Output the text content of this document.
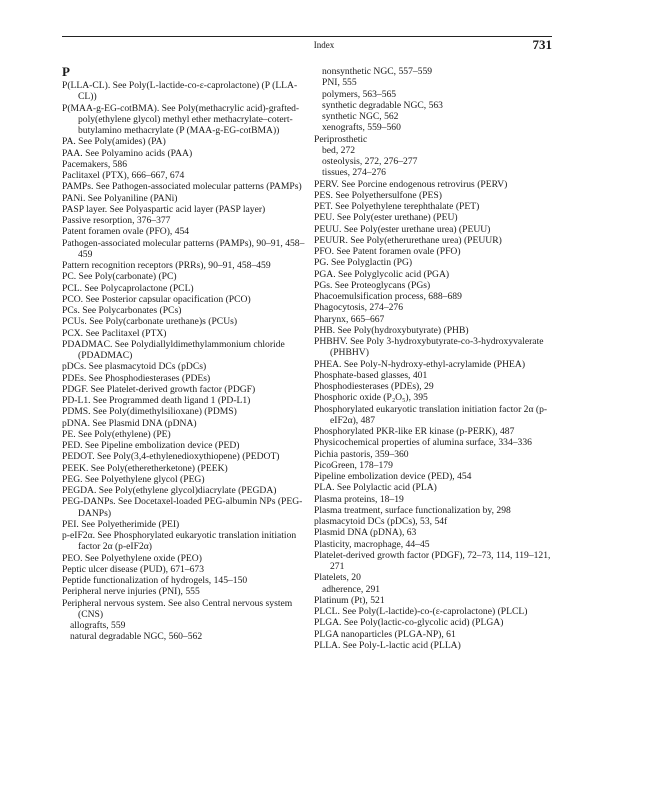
Index	731
P
P(LLA-CL). See Poly(L-lactide-co-ε-caprolactone) (P (LLA-CL))
P(MAA-g-EG-cotBMA). See Poly(methacrylic acid)-grafted-poly(ethylene glycol) methyl ether methacrylate–cotert-butylamino methacrylate (P (MAA-g-EG-cotBMA))
PA. See Poly(amides) (PA)
PAA. See Polyamino acids (PAA)
Pacemakers, 586
Paclitaxel (PTX), 666–667, 674
PAMPs. See Pathogen-associated molecular patterns (PAMPs)
PANi. See Polyaniline (PANi)
PASP layer. See Polyaspartic acid layer (PASP layer)
Passive resorption, 376–377
Patent foramen ovale (PFO), 454
Pathogen-associated molecular patterns (PAMPs), 90–91, 458–459
Pattern recognition receptors (PRRs), 90–91, 458–459
PC. See Poly(carbonate) (PC)
PCL. See Polycaprolactone (PCL)
PCO. See Posterior capsular opacification (PCO)
PCs. See Polycarbonates (PCs)
PCUs. See Poly(carbonate urethane)s (PCUs)
PCX. See Paclitaxel (PTX)
PDADMAC. See Polydiallyldimethylammonium chloride (PDADMAC)
pDCs. See plasmacytoid DCs (pDCs)
PDEs. See Phosphodiesterases (PDEs)
PDGF. See Platelet-derived growth factor (PDGF)
PD-L1. See Programmed death ligand 1 (PD-L1)
PDMS. See Poly(dimethylsilioxane) (PDMS)
pDNA. See Plasmid DNA (pDNA)
PE. See Poly(ethylene) (PE)
PED. See Pipeline embolization device (PED)
PEDOT. See Poly(3,4-ethylenedioxythiopene) (PEDOT)
PEEK. See Poly(etheretherketone) (PEEK)
PEG. See Polyethylene glycol (PEG)
PEGDA. See Poly(ethylene glycol)diacrylate (PEGDA)
PEG-DANPs. See Docetaxel-loaded PEG-albumin NPs (PEG-DANPs)
PEI. See Polyetherimide (PEI)
p-eIF2α. See Phosphorylated eukaryotic translation initiation factor 2α (p-eIF2α)
PEO. See Polyethylene oxide (PEO)
Peptic ulcer disease (PUD), 671–673
Peptide functionalization of hydrogels, 145–150
Peripheral nerve injuries (PNI), 555
Peripheral nervous system. See also Central nervous system (CNS)
allografts, 559
natural degradable NGC, 560–562
nonsynthetic NGC, 557–559
PNI, 555
polymers, 563–565
synthetic degradable NGC, 563
synthetic NGC, 562
xenografts, 559–560
Periprosthetic
bed, 272
osteolysis, 272, 276–277
tissues, 274–276
PERV. See Porcine endogenous retrovirus (PERV)
PES. See Polyethersulfone (PES)
PET. See Polyethylene terephthalate (PET)
PEU. See Poly(ester urethane) (PEU)
PEUU. See Poly(ester urethane urea) (PEUU)
PEUUR. See Poly(etherurethane urea) (PEUUR)
PFO. See Patent foramen ovale (PFO)
PG. See Polyglactin (PG)
PGA. See Polyglycolic acid (PGA)
PGs. See Proteoglycans (PGs)
Phacoemulsification process, 688–689
Phagocytosis, 274–276
Pharynx, 665–667
PHB. See Poly(hydroxybutyrate) (PHB)
PHBHV. See Poly 3-hydroxybutyrate-co-3-hydroxyvalerate (PHBHV)
PHEA. See Poly-N-hydroxy-ethyl-acrylamide (PHEA)
Phosphate-based glasses, 401
Phosphodiesterases (PDEs), 29
Phosphoric oxide (P₂O₅), 395
Phosphorylated eukaryotic translation initiation factor 2α (p-eIF2α), 487
Phosphorylated PKR-like ER kinase (p-PERK), 487
Physicochemical properties of alumina surface, 334–336
Pichia pastoris, 359–360
PicoGreen, 178–179
Pipeline embolization device (PED), 454
PLA. See Polylactic acid (PLA)
Plasma proteins, 18–19
Plasma treatment, surface functionalization by, 298
plasmacytoid DCs (pDCs), 53, 54f
Plasmid DNA (pDNA), 63
Plasticity, macrophage, 44–45
Platelet-derived growth factor (PDGF), 72–73, 114, 119–121, 271
Platelets, 20
adherence, 291
Platinum (Pt), 521
PLCL. See Poly(L-lactide)-co-(ε-caprolactone) (PLCL)
PLGA. See Poly(lactic-co-glycolic acid) (PLGA)
PLGA nanoparticles (PLGA-NP), 61
PLLA. See Poly-L-lactic acid (PLLA)
